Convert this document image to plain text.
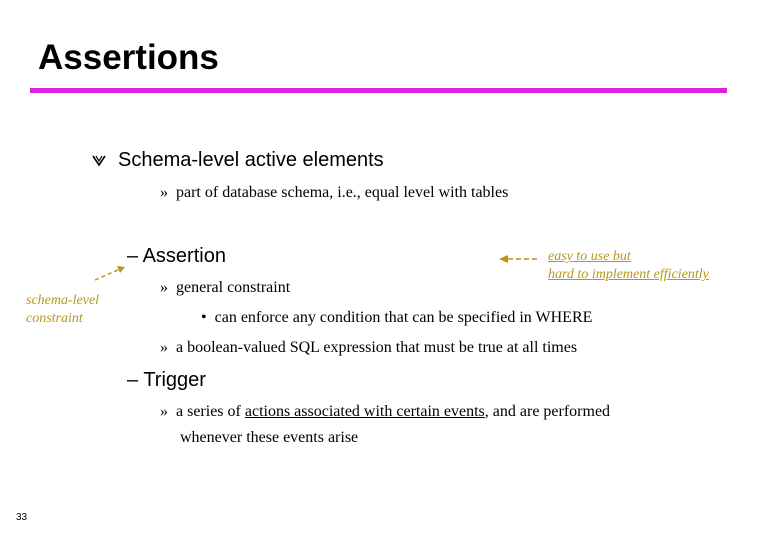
Assertions
Schema-level active elements
» part of database schema, i.e., equal level with tables
– Assertion
» general constraint
• can enforce any condition that can be specified in WHERE
» a boolean-valued SQL expression that must be true at all times
– Trigger
» a series of actions associated with certain events, and are performed
whenever these events arise
schema-level
constraint
easy to use but
hard to implement efficiently
33
